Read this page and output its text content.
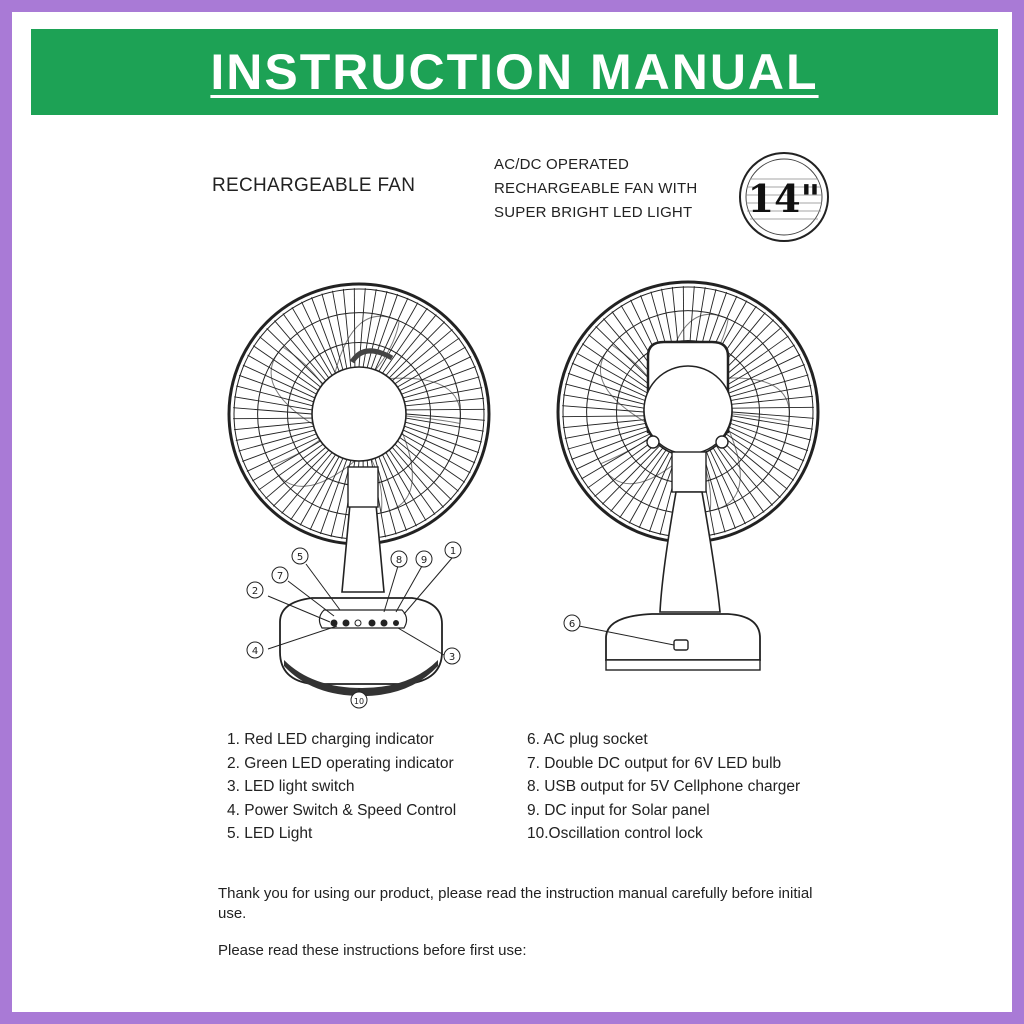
INSTRUCTION MANUAL
RECHARGEABLE FAN
AC/DC OPERATED
RECHARGEABLE FAN WITH
SUPER BRIGHT LED LIGHT 14"
5
7
8 9
1
2
4
3
10
6
1. Red LED charging indicator
2. Green LED operating indicator
3. LED light switch
4. Power Switch & Speed Control
5. LED Light
6. AC plug socket
7. Double DC output for 6V LED bulb
8. USB output for 5V Cellphone charger
9. DC input for Solar panel
10.Oscillation control lock
Thank you for using our product, please read the instruction manual carefully before initial use.
Please read these instructions before first use:
